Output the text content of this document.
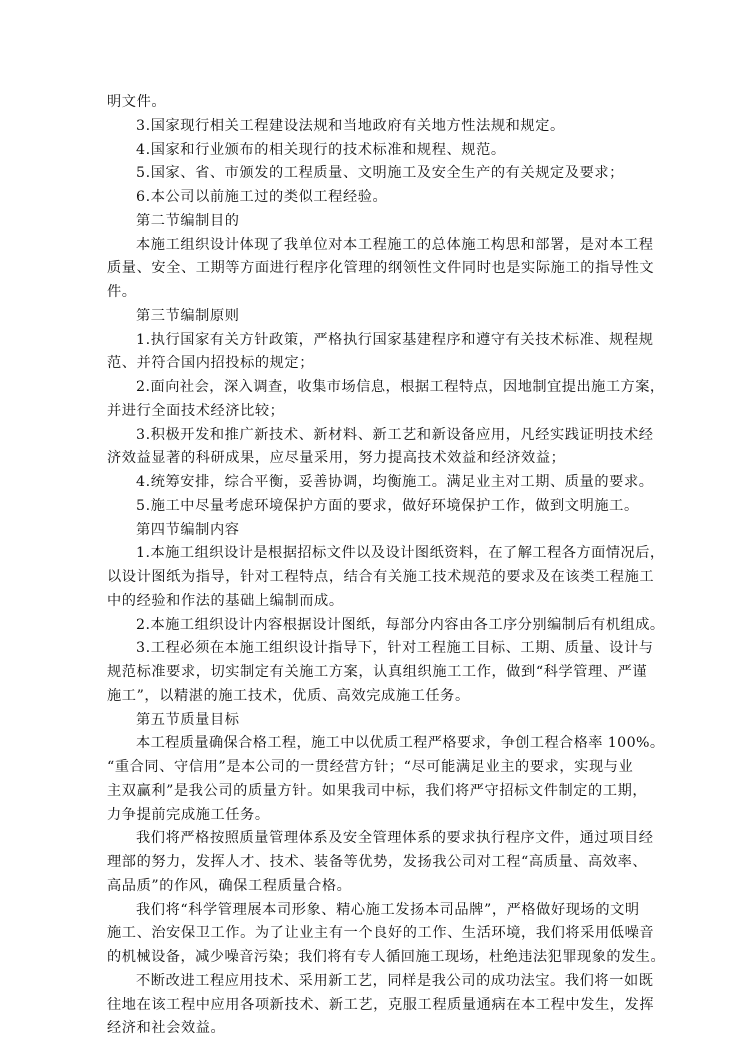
明文件。
3.国家现行相关工程建设法规和当地政府有关地方性法规和规定。
4.国家和行业颁布的相关现行的技术标准和规程、规范。
5.国家、省、市颁发的工程质量、文明施工及安全生产的有关规定及要求；
6.本公司以前施工过的类似工程经验。
第二节编制目的
本施工组织设计体现了我单位对本工程施工的总体施工构思和部署，是对本工程
质量、安全、工期等方面进行程序化管理的纲领性文件同时也是实际施工的指导性文
件。
第三节编制原则
1.执行国家有关方针政策，严格执行国家基建程序和遵守有关技术标准、规程规
范、并符合国内招投标的规定；
2.面向社会，深入调查，收集市场信息，根据工程特点，因地制宜提出施工方案，
并进行全面技术经济比较；
3.积极开发和推广新技术、新材料、新工艺和新设备应用，凡经实践证明技术经
济效益显著的科研成果，应尽量采用，努力提高技术效益和经济效益；
4.统筹安排，综合平衡，妥善协调，均衡施工。满足业主对工期、质量的要求。
5.施工中尽量考虑环境保护方面的要求，做好环境保护工作，做到文明施工。
第四节编制内容
1.本施工组织设计是根据招标文件以及设计图纸资料，在了解工程各方面情况后，
以设计图纸为指导，针对工程特点，结合有关施工技术规范的要求及在该类工程施工
中的经验和作法的基础上编制而成。
2.本施工组织设计内容根据设计图纸，每部分内容由各工序分别编制后有机组成。
3.工程必须在本施工组织设计指导下，针对工程施工目标、工期、质量、设计与
规范标准要求，切实制定有关施工方案，认真组织施工工作，做到“科学管理、严谨
施工”，以精湛的施工技术，优质、高效完成施工任务。
第五节质量目标
本工程质量确保合格工程，施工中以优质工程严格要求，争创工程合格率 100%。
“重合同、守信用”是本公司的一贯经营方针；“尽可能满足业主的要求，实现与业
主双赢利”是我公司的质量方针。如果我司中标，我们将严守招标文件制定的工期，
力争提前完成施工任务。
我们将严格按照质量管理体系及安全管理体系的要求执行程序文件，通过项目经
理部的努力，发挥人才、技术、装备等优势，发扬我公司对工程“高质量、高效率、
高品质”的作风，确保工程质量合格。
我们将“科学管理展本司形象、精心施工发扬本司品牌”，严格做好现场的文明
施工、治安保卫工作。为了让业主有一个良好的工作、生活环境，我们将采用低噪音
的机械设备，减少噪音污染；我们将有专人循回施工现场，杜绝违法犯罪现象的发生。
不断改进工程应用技术、采用新工艺，同样是我公司的成功法宝。我们将一如既
往地在该工程中应用各项新技术、新工艺，克服工程质量通病在本工程中发生，发挥
经济和社会效益。
